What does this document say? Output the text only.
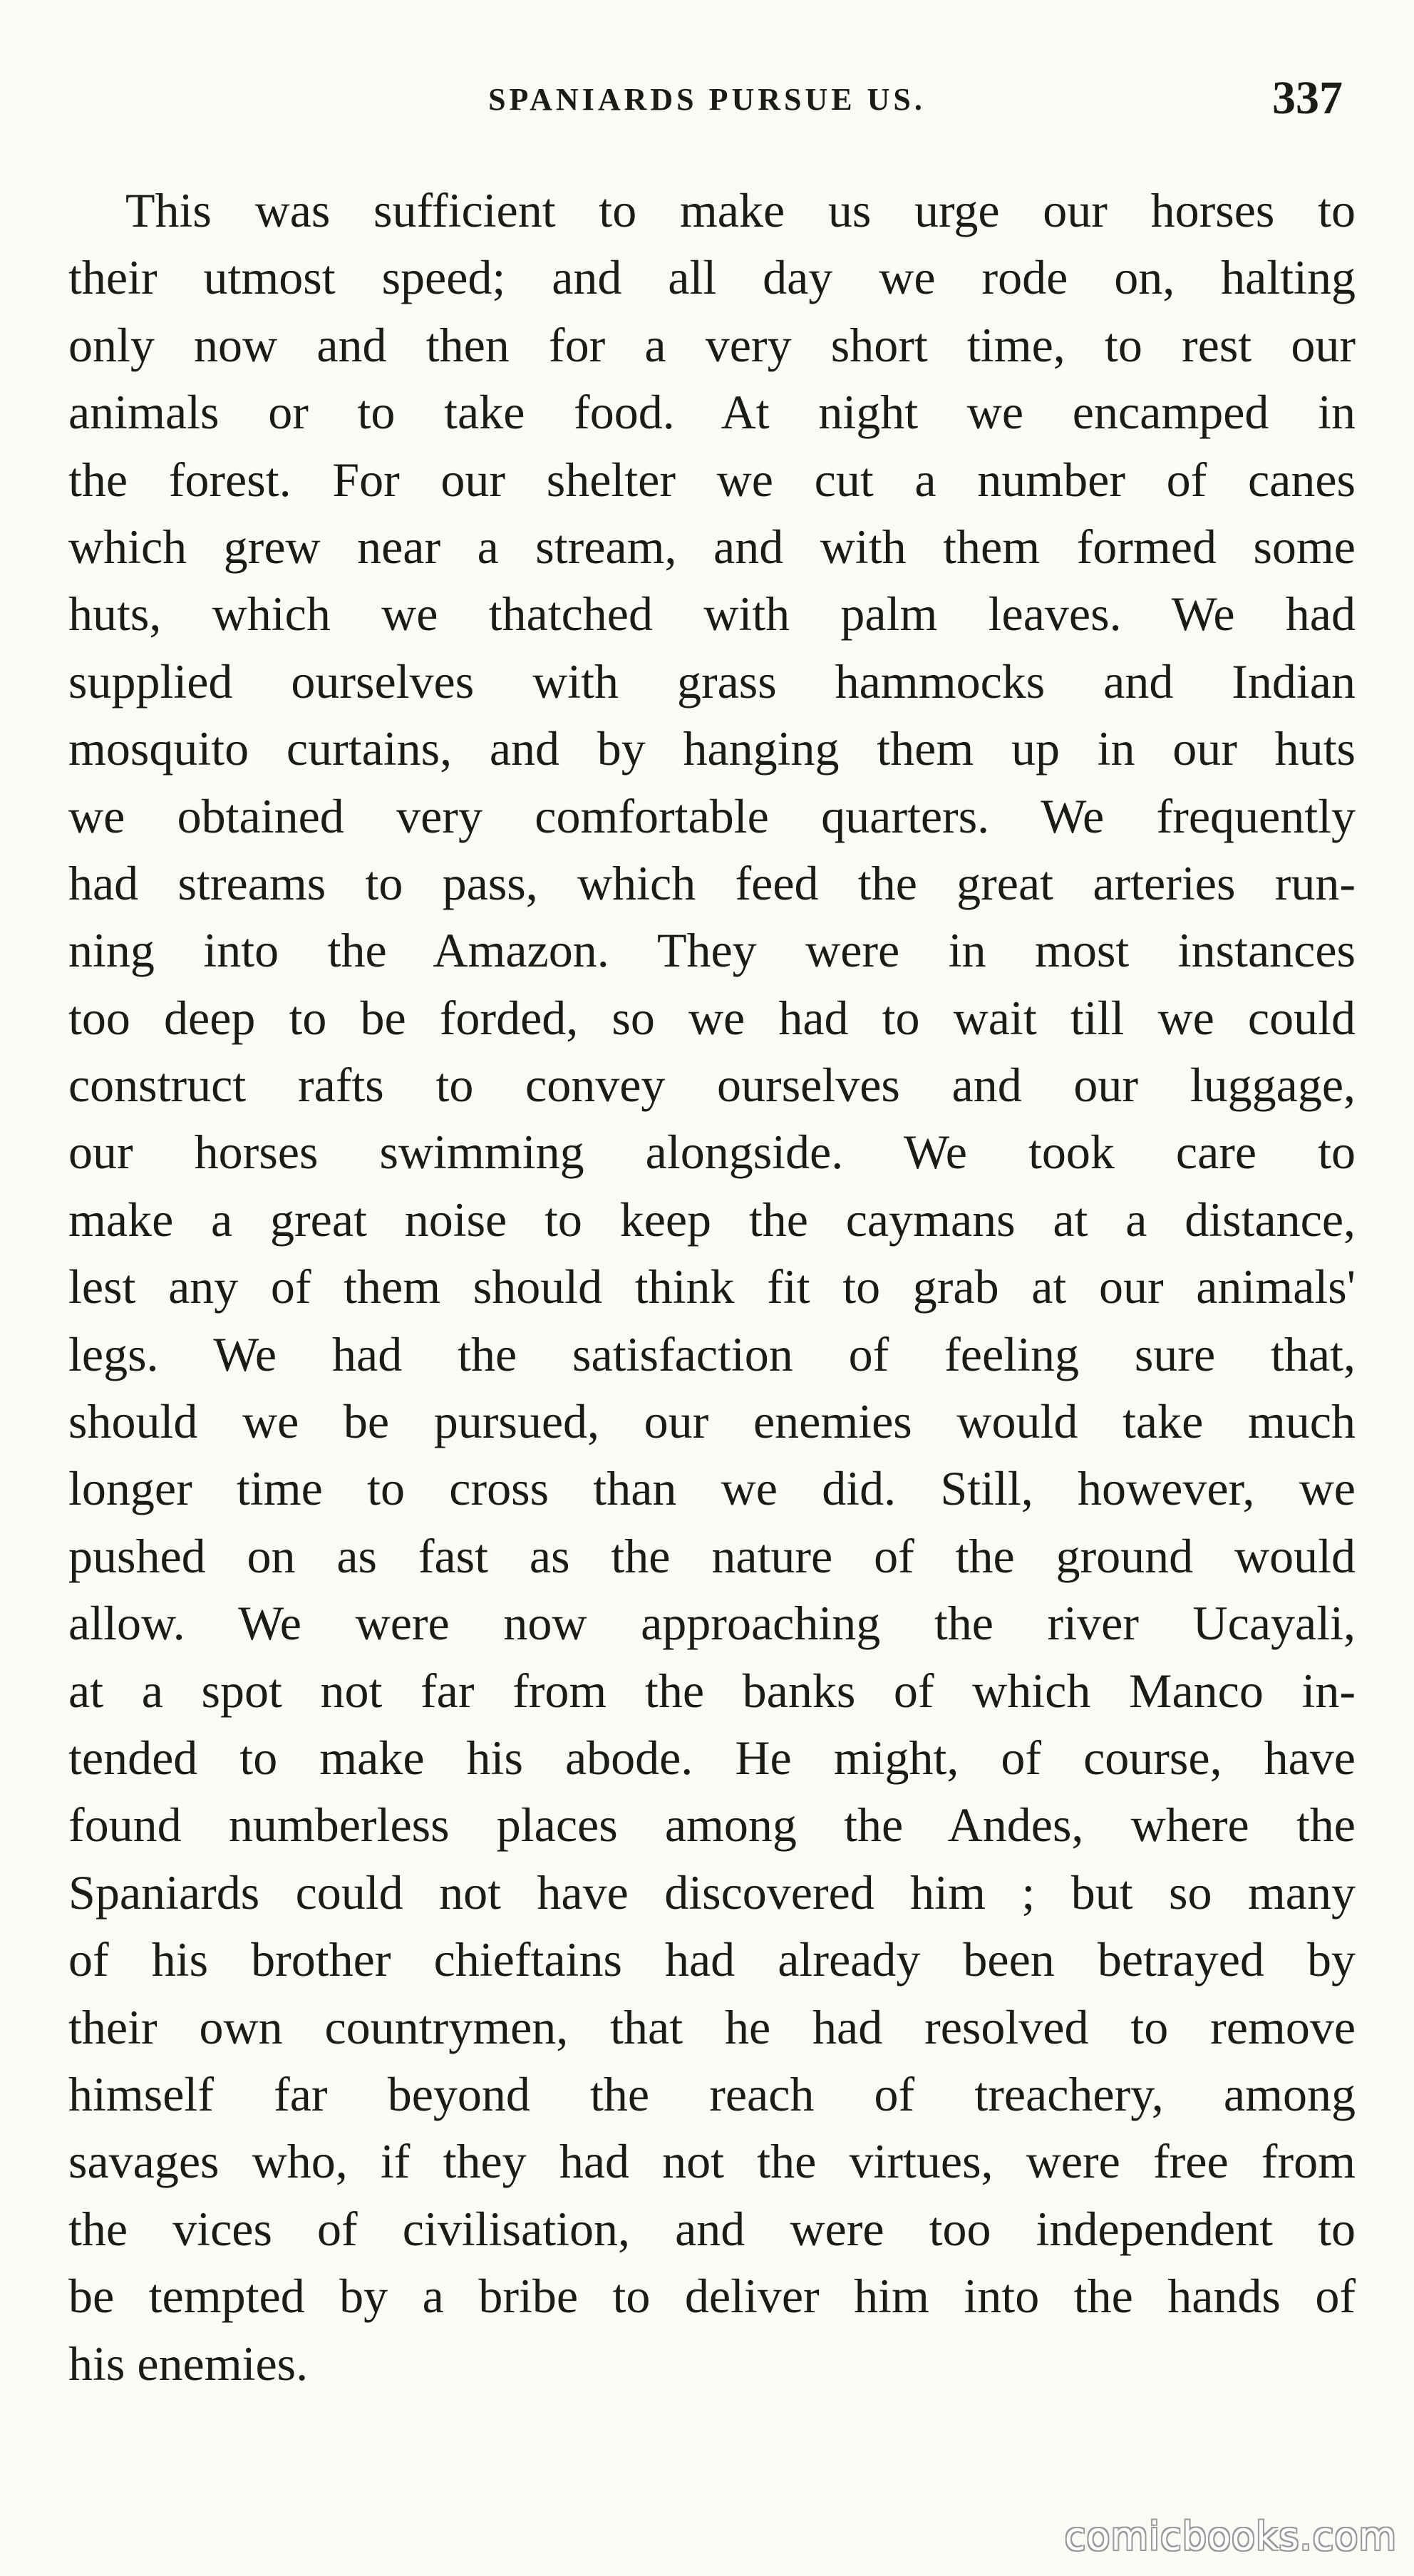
SPANIARDS PURSUE US.	337
This was sufficient to make us urge our horses to
their utmost speed; and all day we rode on, halting
only now and then for a very short time, to rest our
animals or to take food. At night we encamped in
the forest. For our shelter we cut a number of canes
which grew near a stream, and with them formed some
huts, which we thatched with palm leaves. We had
supplied ourselves with grass hammocks and Indian
mosquito curtains, and by hanging them up in our huts
we obtained very comfortable quarters. We frequently
had streams to pass, which feed the great arteries run-
ning into the Amazon. They were in most instances
too deep to be forded, so we had to wait till we could
construct rafts to convey ourselves and our luggage,
our horses swimming alongside. We took care to
make a great noise to keep the caymans at a distance,
lest any of them should think fit to grab at our animals'
legs. We had the satisfaction of feeling sure that,
should we be pursued, our enemies would take much
longer time to cross than we did. Still, however, we
pushed on as fast as the nature of the ground would
allow. We were now approaching the river Ucayali,
at a spot not far from the banks of which Manco in-
tended to make his abode. He might, of course, have
found numberless places among the Andes, where the
Spaniards could not have discovered him ; but so many
of his brother chieftains had already been betrayed by
their own countrymen, that he had resolved to remove
himself far beyond the reach of treachery, among
savages who, if they had not the virtues, were free from
the vices of civilisation, and were too independent to
be tempted by a bribe to deliver him into the hands of
his enemies.
comicbooks.com
